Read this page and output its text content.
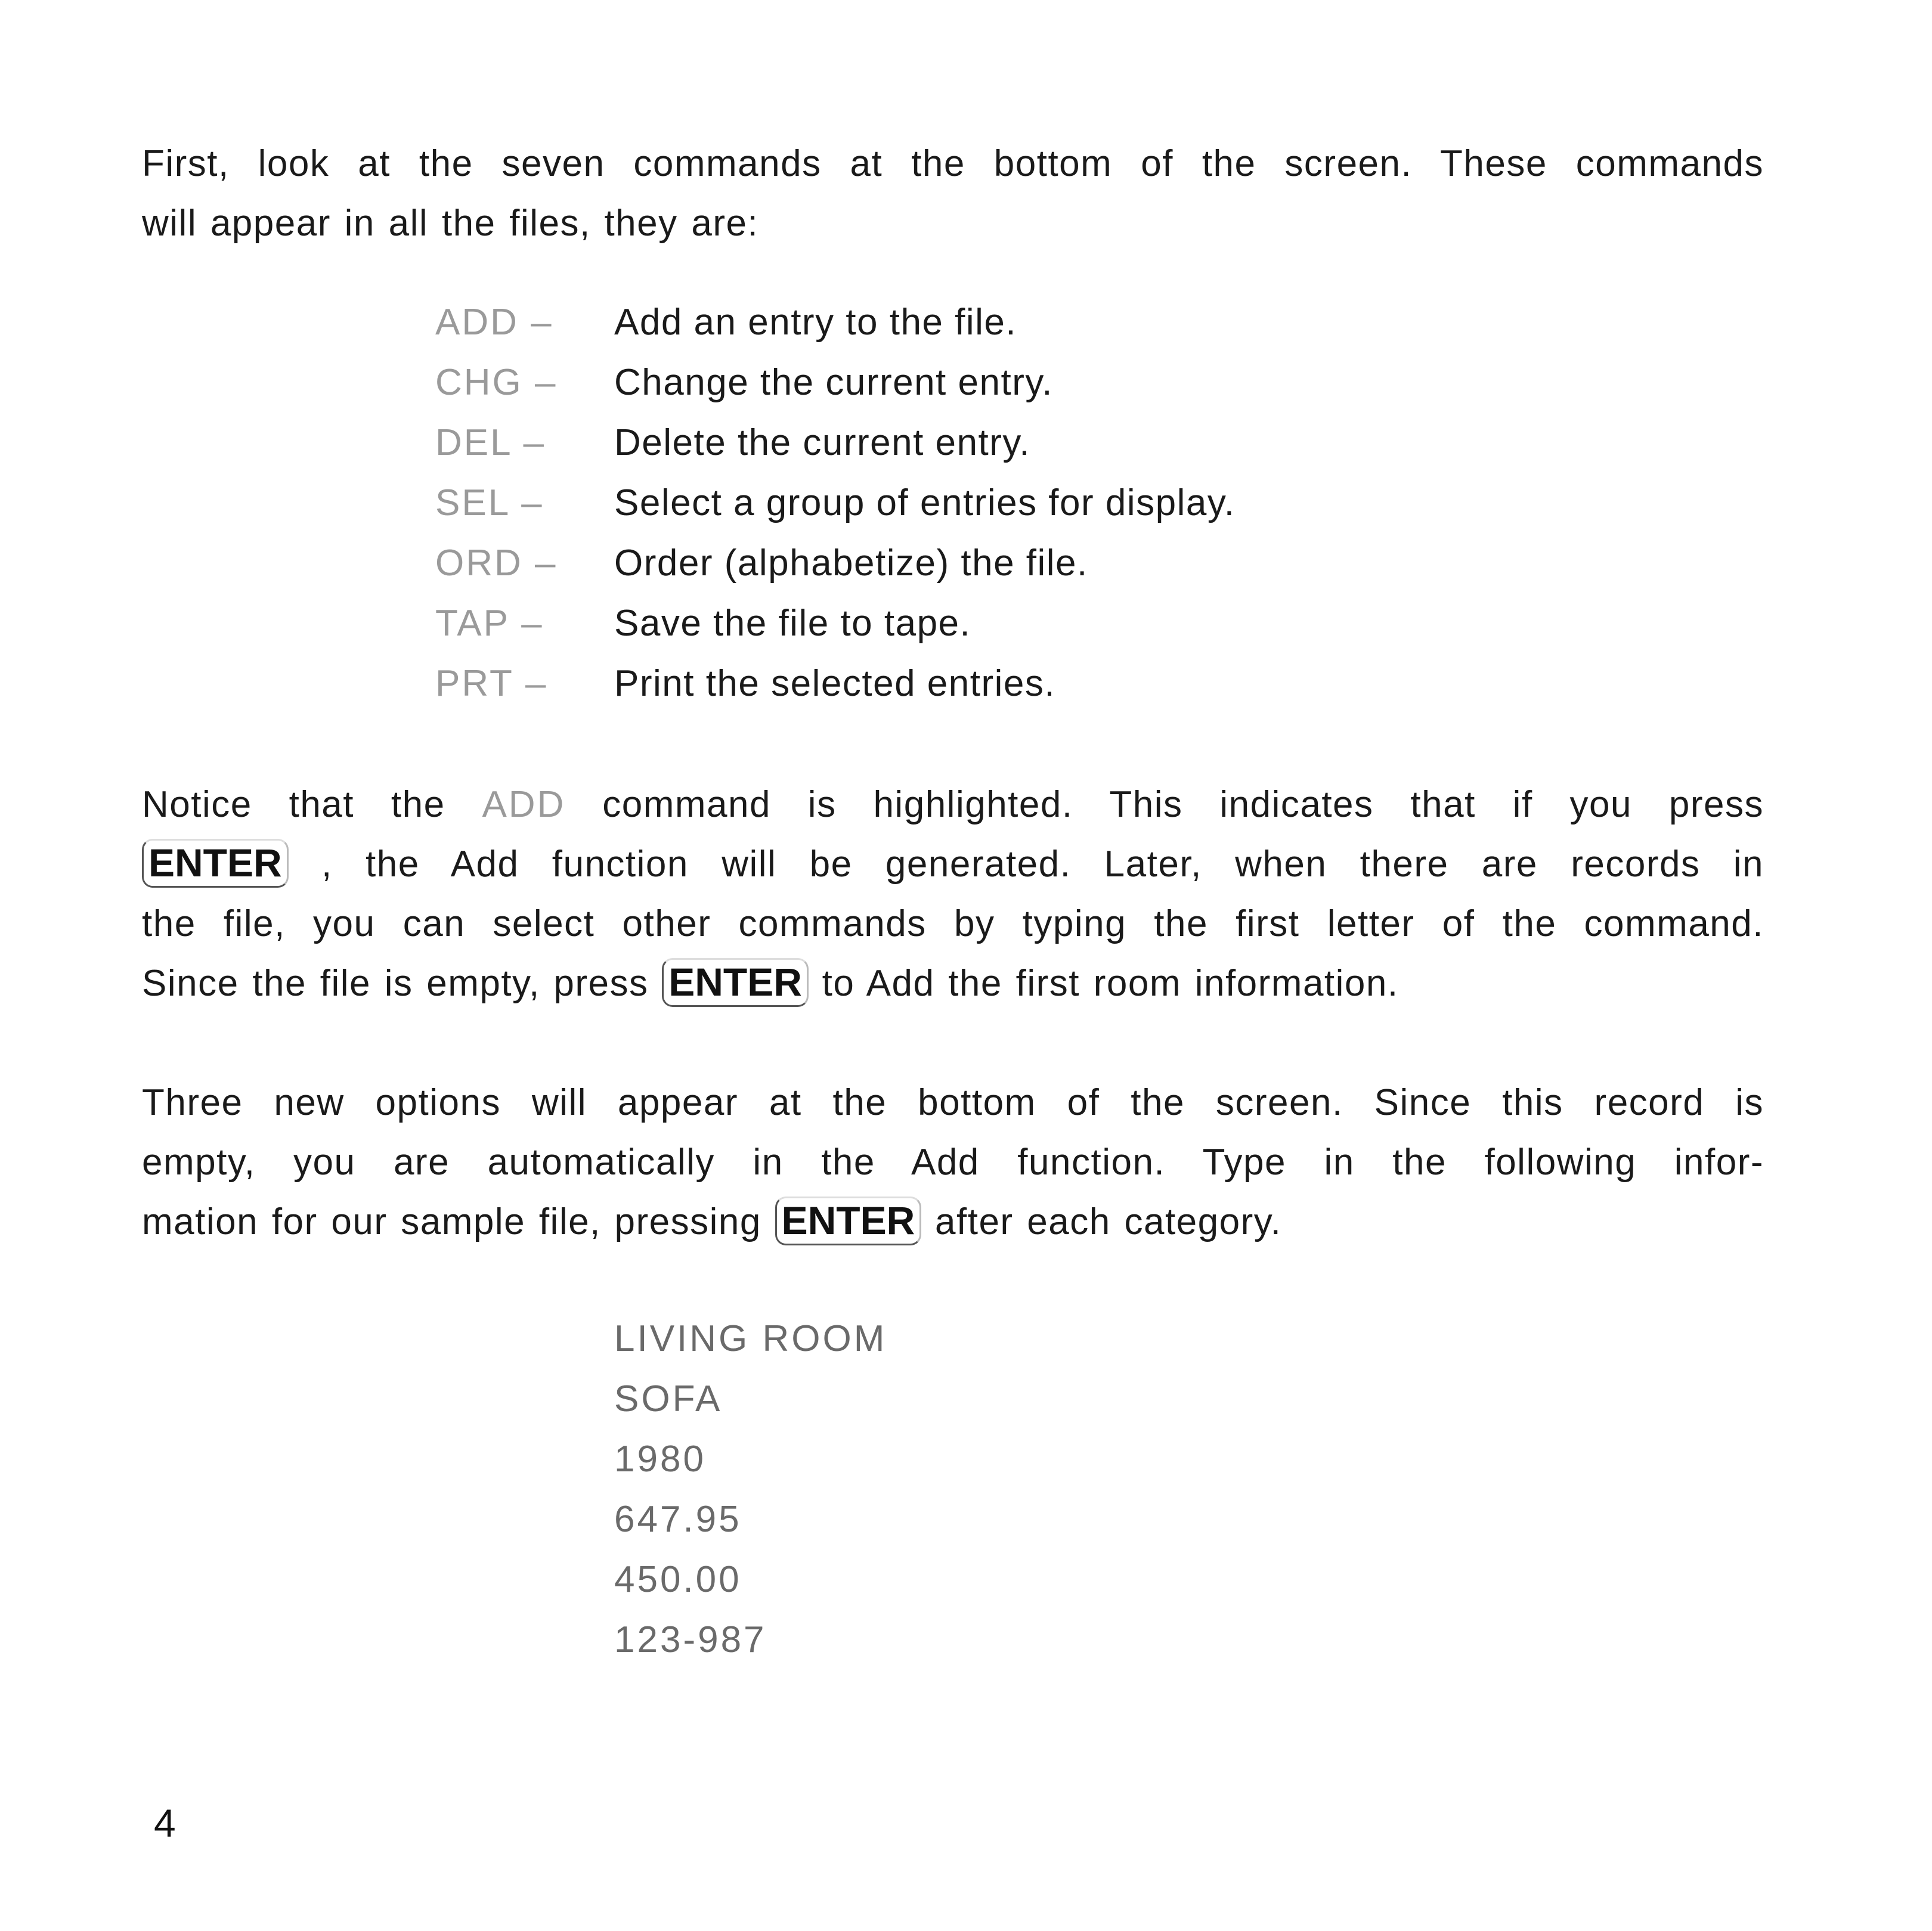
First, look at the seven commands at the bottom of the screen. These commands
will appear in all the files, they are:

ADD –	Add an entry to the file.
CHG –	Change the current entry.
DEL –	Delete the current entry.
SEL –	Select a group of entries for display.
ORD –	Order (alphabetize) the file.
TAP –	Save the file to tape.
PRT –	Print the selected entries.

Notice that the ADD command is highlighted. This indicates that if you press
ENTER , the Add function will be generated. Later, when there are records in
the file, you can select other commands by typing the first letter of the command.
Since the file is empty, press ENTER to Add the first room information.

Three new options will appear at the bottom of the screen. Since this record is
empty, you are automatically in the Add function. Type in the following infor-
mation for our sample file, pressing ENTER after each category.

LIVING ROOM
SOFA
1980
647.95
450.00
123-987
4
